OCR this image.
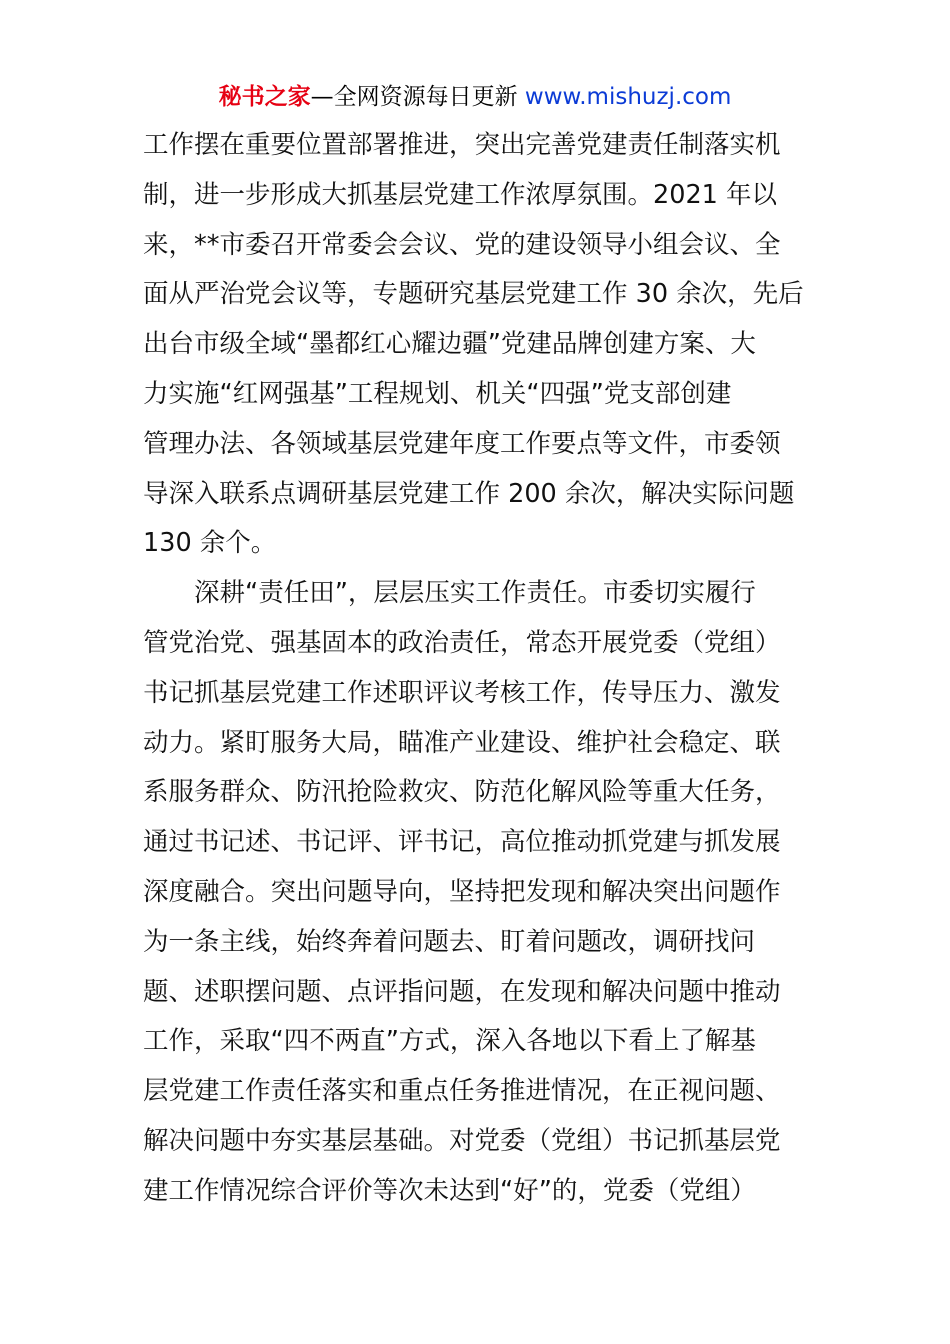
秘书之家—全网资源每日更新 www.mishuzj.com
工作摆在重要位置部署推进，突出完善党建责任制落实机
制，进一步形成大抓基层党建工作浓厚氛围。2021 年以
来，**市委召开常委会会议、党的建设领导小组会议、全
面从严治党会议等，专题研究基层党建工作 30 余次，先后
出台市级全域“墨都红心耀边疆”党建品牌创建方案、大
力实施“红网强基”工程规划、机关“四强”党支部创建
管理办法、各领域基层党建年度工作要点等文件，市委领
导深入联系点调研基层党建工作 200 余次，解决实际问题
130 余个。
深耕“责任田”，层层压实工作责任。市委切实履行
管党治党、强基固本的政治责任，常态开展党委（党组）
书记抓基层党建工作述职评议考核工作，传导压力、激发
动力。紧盯服务大局，瞄准产业建设、维护社会稳定、联
系服务群众、防汛抢险救灾、防范化解风险等重大任务，
通过书记述、书记评、评书记，高位推动抓党建与抓发展
深度融合。突出问题导向，坚持把发现和解决突出问题作
为一条主线，始终奔着问题去、盯着问题改，调研找问
题、述职摆问题、点评指问题，在发现和解决问题中推动
工作，采取“四不两直”方式，深入各地以下看上了解基
层党建工作责任落实和重点任务推进情况，在正视问题、
解决问题中夯实基层基础。对党委（党组）书记抓基层党
建工作情况综合评价等次未达到“好”的，党委（党组）
